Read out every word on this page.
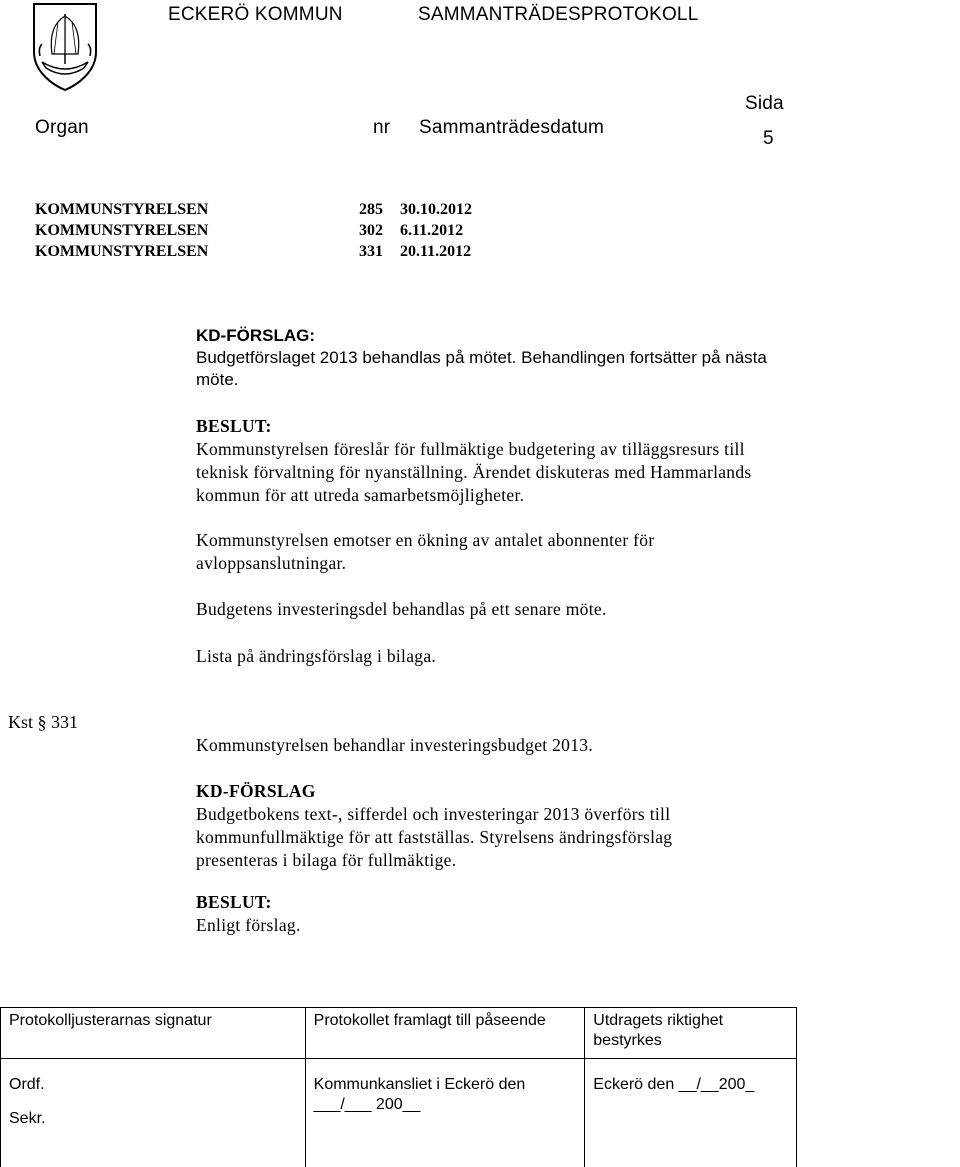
ECKERÖ KOMMUN	SAMMANTRÄDESPROTOKOLL
Organ	nr Sammanträdesdatum
Sida
5
KOMMUNSTYRELSEN	285 30.10.2012
KOMMUNSTYRELSEN	302 6.11.2012
KOMMUNSTYRELSEN	331 20.11.2012
KD-FÖRSLAG:
Budgetförslaget 2013 behandlas på mötet. Behandlingen fortsätter på nästa möte.
BESLUT:
Kommunstyrelsen föreslår för fullmäktige budgetering av tilläggsresurs till teknisk förvaltning för nyanställning. Ärendet diskuteras med Hammarlands kommun för att utreda samarbetsmöjligheter.
Kommunstyrelsen emotser en ökning av antalet abonnenter för avloppsanslutningar.
Budgetens investeringsdel behandlas på ett senare möte.
Lista på ändringsförslag i bilaga.
Kst § 331
Kommunstyrelsen behandlar investeringsbudget 2013.
KD-FÖRSLAG
Budgetbokens text-, sifferdel och investeringar 2013 överförs till kommunfullmäktige för att fastställas. Styrelsens ändringsförslag presenteras i bilaga för fullmäktige.
BESLUT:
Enligt förslag.
Protokolljusterarnas signatur	Protokollet framlagt till påseende	Utdragets riktighet bestyrkes
Ordf.
Sekr.	Kommunkansliet i Eckerö den ___/___ 200__	Eckerö den __/__200_
